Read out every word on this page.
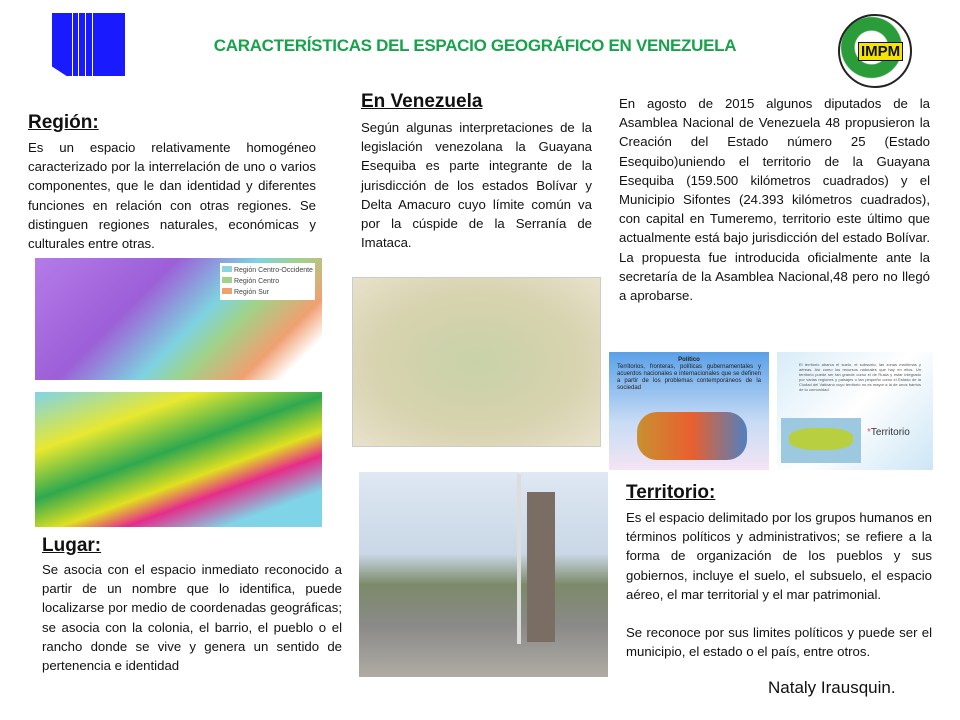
CARACTERÍSTICAS DEL ESPACIO GEOGRÁFICO EN VENEZUELA	IMPM
Región:
Es un espacio relativamente homogéneo caracterizado por la interrelación de uno o varios componentes, que le dan identidad y diferentes funciones en relación con otras regiones. Se distinguen regiones naturales, económicas y culturales entre otras.
Región Centro-Occidente
Región Centro
Región Sur
Lugar:
Se asocia con el espacio inmediato reconocido a partir de un nombre que lo identifica, puede localizarse por medio de coordenadas geográficas; se asocia con la colonia, el barrio, el pueblo o el rancho donde se vive y genera un sentido de pertenencia e identidad
En Venezuela
Según algunas interpretaciones de la legislación venezolana la Guayana Esequiba es parte integrante de la jurisdicción de los estados Bolívar y Delta Amacuro cuyo límite común va por la cúspide de la Serranía de Imataca.
En agosto de 2015 algunos diputados de la Asamblea Nacional de Venezuela 48 propusieron la Creación del Estado número 25 (Estado Esequibo)uniendo el territorio de la Guayana Esequiba (159.500 kilómetros cuadrados) y el Municipio Sifontes (24.393 kilómetros cuadrados), con capital en Tumeremo, territorio este último que actualmente está bajo jurisdicción del estado Bolívar. La propuesta fue introducida oficialmente ante la secretaría de la Asamblea Nacional,48 pero no llegó a aprobarse.
Político
Territorios, fronteras, políticas gubernamentales y acuerdos nacionales e internacionales que se definen a partir de los problemas contemporáneos de la sociedad
El territorio abarca el suelo, el subsuelo, las zonas marítimas y aéreas. Así como los recursos naturales que hay en ellos. Un territorio puede ser tan grande como el de Rusia y estar integrado por varias regiones y paisajes o tan pequeño como el Estado de la Ciudad del Vaticano cuyo territorio no es mayor a la de unos barrios de tu comunidad.
*Territorio
Territorio:
Es el espacio delimitado por los grupos humanos en términos políticos y administrativos; se refiere a la forma de organización de los pueblos y sus gobiernos, incluye el suelo, el subsuelo, el espacio aéreo, el mar territorial y el mar patrimonial.
Se reconoce por sus limites políticos y puede ser el municipio, el estado o el país, entre otros.
Nataly Irausquin.
